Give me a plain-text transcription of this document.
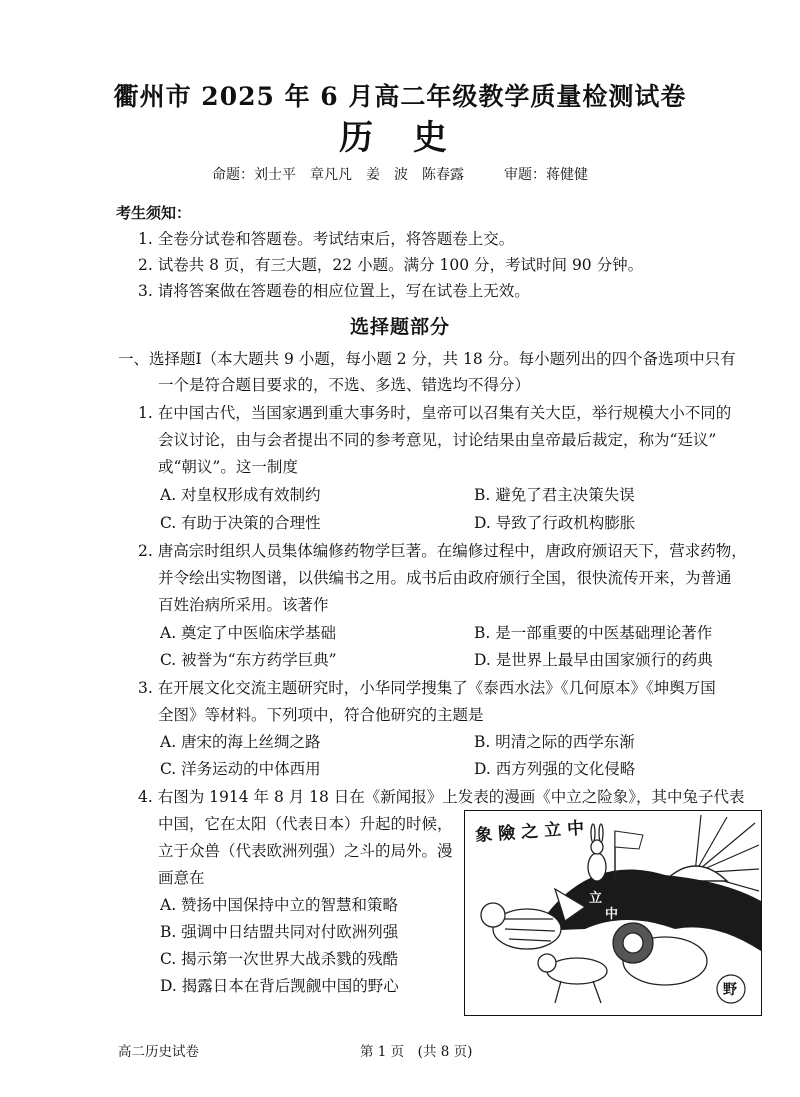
衢州市 2025 年 6 月高二年级教学质量检测试卷
历 史
命题：刘士平　章凡凡　姜　波　陈春露	审题：蒋健健
考生须知：
1. 全卷分试卷和答题卷。考试结束后，将答题卷上交。
2. 试卷共 8 页，有三大题，22 小题。满分 100 分，考试时间 90 分钟。
3. 请将答案做在答题卷的相应位置上，写在试卷上无效。
选择题部分
一、选择题Ⅰ（本大题共 9 小题，每小题 2 分，共 18 分。每小题列出的四个备选项中只有
一个是符合题目要求的，不选、多选、错选均不得分）
1. 在中国古代，当国家遇到重大事务时，皇帝可以召集有关大臣，举行规模大小不同的
会议讨论，由与会者提出不同的参考意见，讨论结果由皇帝最后裁定，称为“廷议”
或“朝议”。这一制度
A. 对皇权形成有效制约	B. 避免了君主决策失误
C. 有助于决策的合理性	D. 导致了行政机构膨胀
2. 唐高宗时组织人员集体编修药物学巨著。在编修过程中，唐政府颁诏天下，营求药物，
并令绘出实物图谱，以供编书之用。成书后由政府颁行全国，很快流传开来，为普通
百姓治病所采用。该著作
A. 奠定了中医临床学基础	B. 是一部重要的中医基础理论著作
C. 被誉为“东方药学巨典”	D. 是世界上最早由国家颁行的药典
3. 在开展文化交流主题研究时，小华同学搜集了《泰西水法》《几何原本》《坤舆万国
全图》等材料。下列项中，符合他研究的主题是
A. 唐宋的海上丝绸之路	B. 明清之际的西学东渐
C. 洋务运动的中体西用	D. 西方列强的文化侵略
4. 右图为 1914 年 8 月 18 日在《新闻报》上发表的漫画《中立之险象》，其中兔子代表
中国，它在太阳（代表日本）升起的时候，
立于众兽（代表欧洲列强）之斗的局外。漫
画意在
A. 赞扬中国保持中立的智慧和策略
B. 强调中日结盟共同对付欧洲列强
C. 揭示第一次世界大战杀戮的残酷
D. 揭露日本在背后觊觎中国的野心
象險之立中
立
中
野
高二历史试卷	第 1 页　(共 8 页)
